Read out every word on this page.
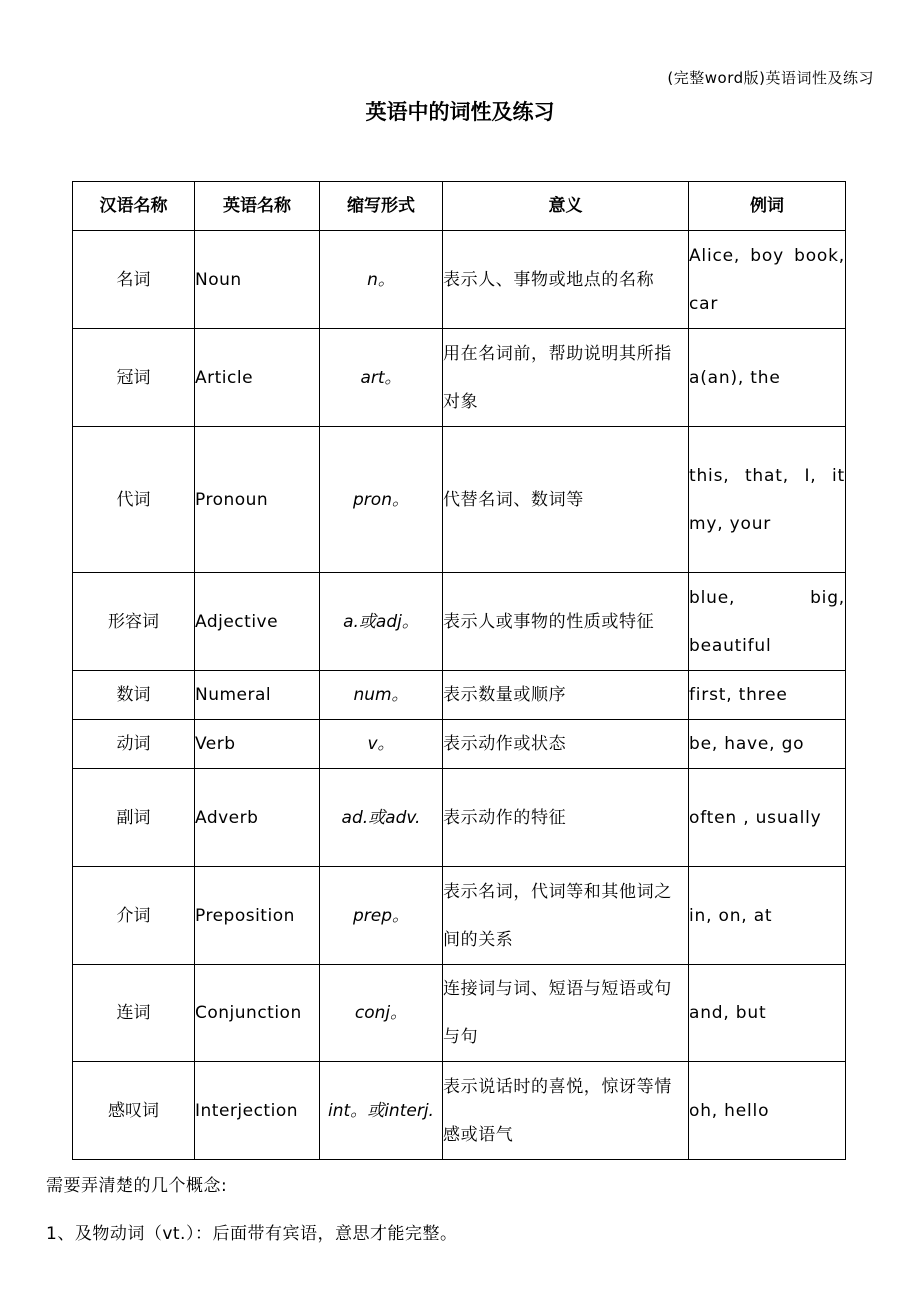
(完整word版)英语词性及练习
英语中的词性及练习
汉语名称	英语名称	缩写形式	意义	例词
名词	Noun	n。	表示人、事物或地点的名称	Alice, boy book, car
冠词	Article	art。	用在名词前，帮助说明其所指对象	a(an), the
代词	Pronoun	pron。	代替名词、数词等	this, that, I, it my, your
形容词	Adjective	a.或adj。	表示人或事物的性质或特征	blue, big, beautiful
数词	Numeral	num。	表示数量或顺序	first, three
动词	Verb	v。	表示动作或状态	be, have, go
副词	Adverb	ad.或adv.	表示动作的特征	often , usually
介词	Preposition	prep。	表示名词，代词等和其他词之间的关系	in, on, at
连词	Conjunction	conj。	连接词与词、短语与短语或句与句	and, but
感叹词	Interjection	int。或interj.	表示说话时的喜悦，惊讶等情感或语气	oh, hello
需要弄清楚的几个概念:
1、及物动词（vt.）：后面带有宾语，意思才能完整。
